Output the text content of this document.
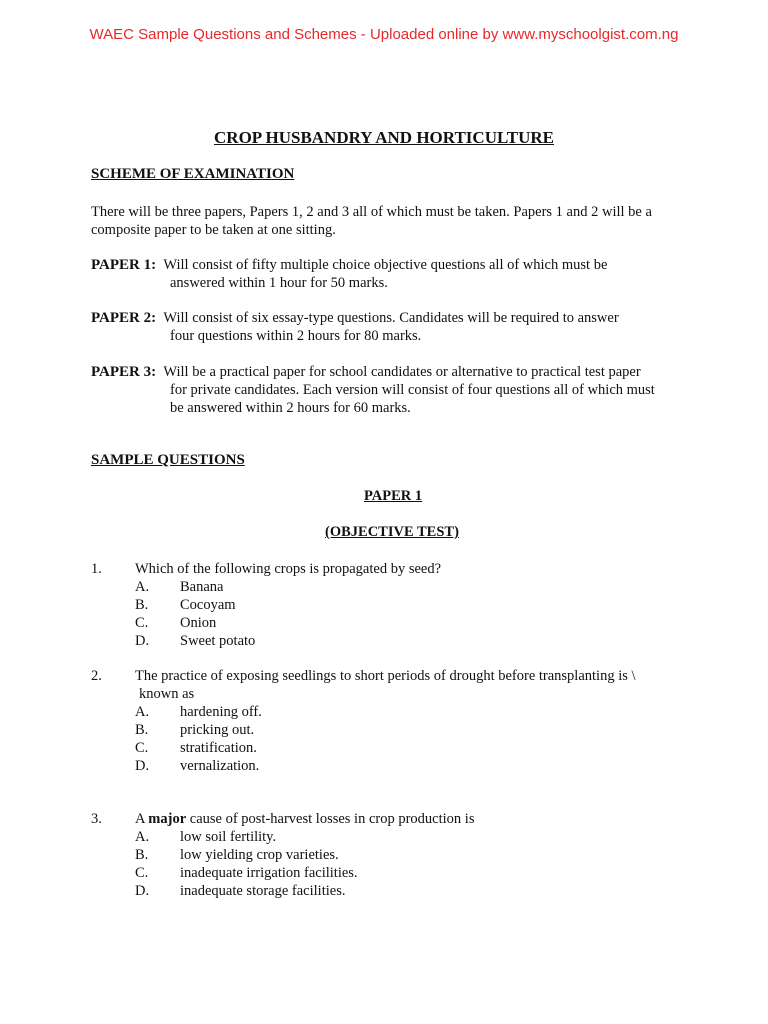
WAEC Sample Questions and Schemes - Uploaded online by www.myschoolgist.com.ng
CROP HUSBANDRY AND HORTICULTURE
SCHEME OF EXAMINATION
There will be three papers, Papers 1, 2 and 3 all of which must be taken. Papers 1 and 2 will be a
composite paper to be taken at one sitting.
PAPER 1: Will consist of fifty multiple choice objective questions all of which must be
answered within 1 hour for 50 marks.
PAPER 2: Will consist of six essay-type questions. Candidates will be required to answer
four questions within 2 hours for 80 marks.
PAPER 3: Will be a practical paper for school candidates or alternative to practical test paper
for private candidates. Each version will consist of four questions all of which must
be answered within 2 hours for 60 marks.
SAMPLE QUESTIONS
PAPER 1
(OBJECTIVE TEST)
1. Which of the following crops is propagated by seed?
A. Banana
B. Cocoyam
C. Onion
D. Sweet potato
2. The practice of exposing seedlings to short periods of drought before transplanting is \
known as
A. hardening off.
B. pricking out.
C. stratification.
D. vernalization.
3. A major cause of post-harvest losses in crop production is
A. low soil fertility.
B. low yielding crop varieties.
C. inadequate irrigation facilities.
D. inadequate storage facilities.
